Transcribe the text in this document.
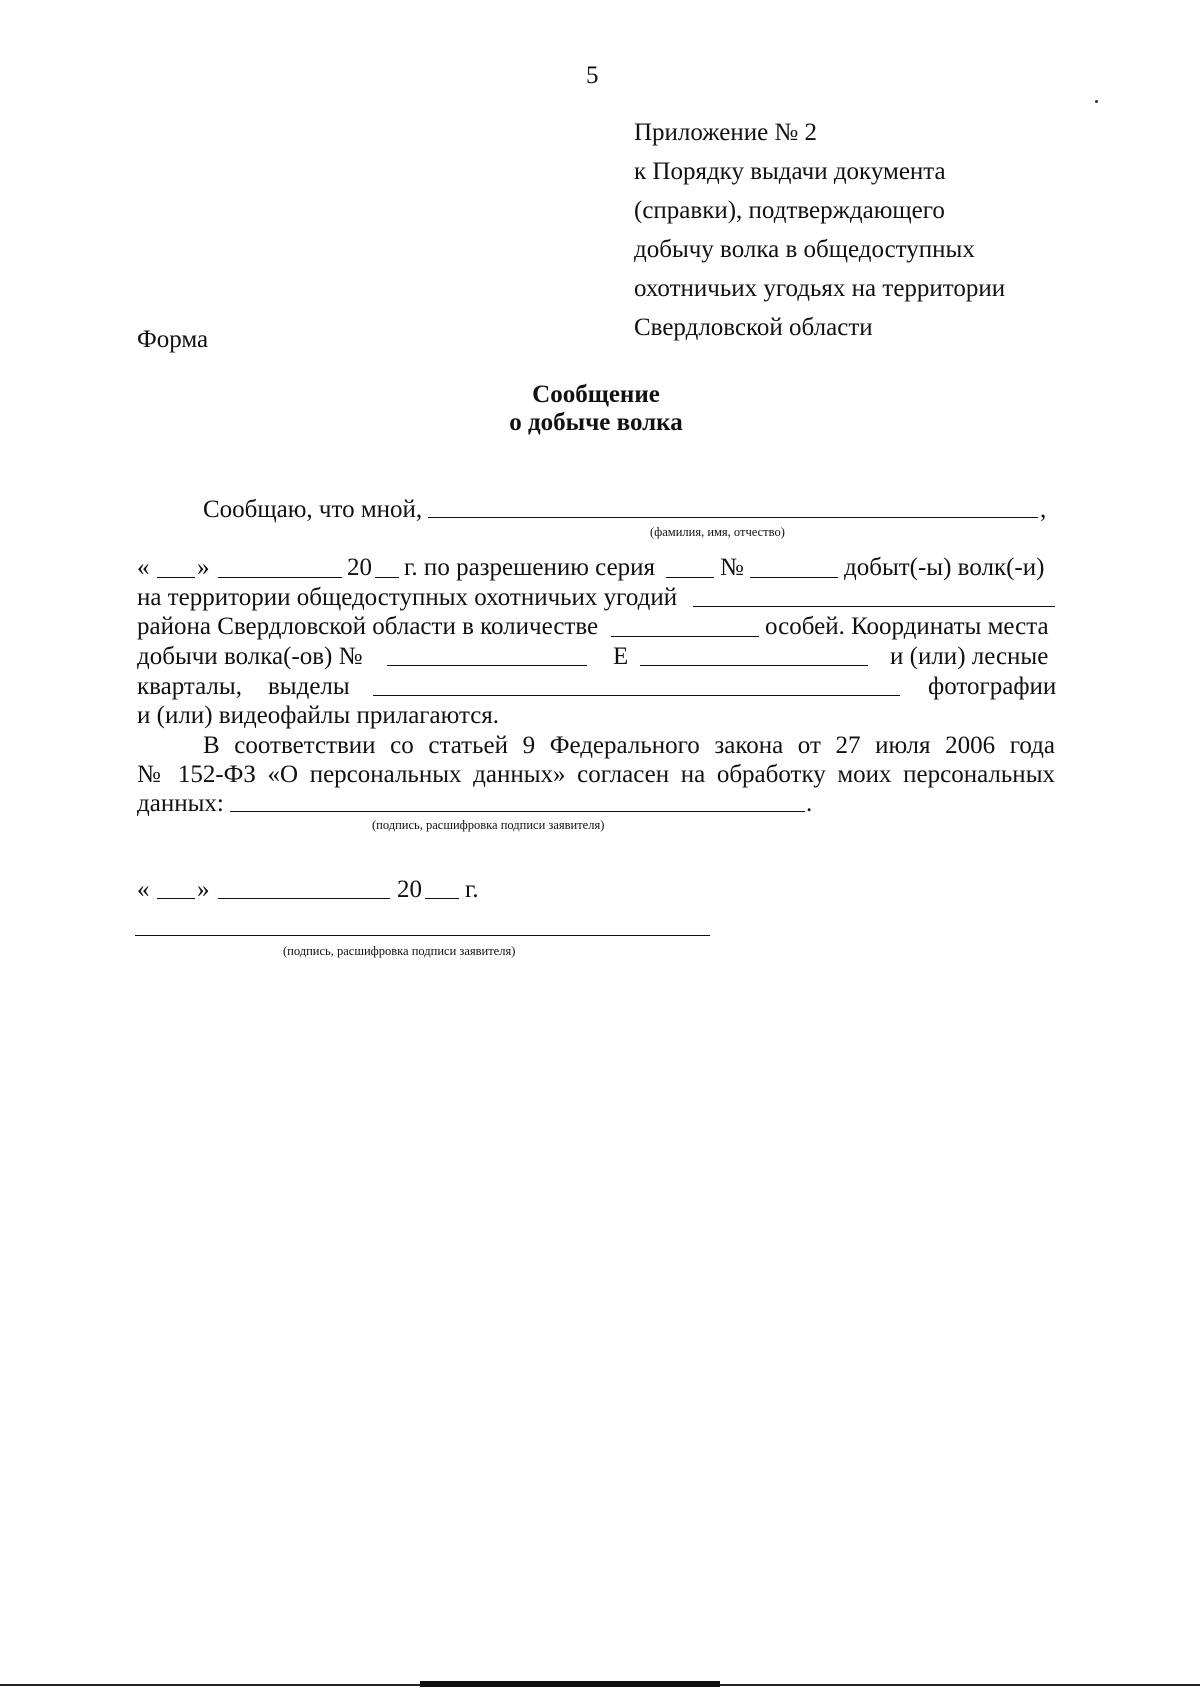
5
Приложение № 2
к Порядку выдачи документа
(справки), подтверждающего
добычу волка в общедоступных
охотничьих угодьях на территории
Свердловской области
Форма
Сообщение
о добыче волка
Сообщаю, что мной,	,
(фамилия, имя, отчество)
« »	20 г. по разрешению серия	№	добыт(-ы) волк(-и)
на территории общедоступных охотничьих угодий
района Свердловской области в количестве	особей. Координаты места
добычи волка(-ов) №	Е	и (или) лесные
кварталы, выделы	фотографии
и (или) видеофайлы прилагаются.
В соответствии со статьей 9 Федерального закона от 27 июля 2006 года
№ 152-ФЗ «О персональных данных» согласен на обработку моих персональных
данных:	.
(подпись, расшифровка подписи заявителя)
« »	20 г.
(подпись, расшифровка подписи заявителя)
